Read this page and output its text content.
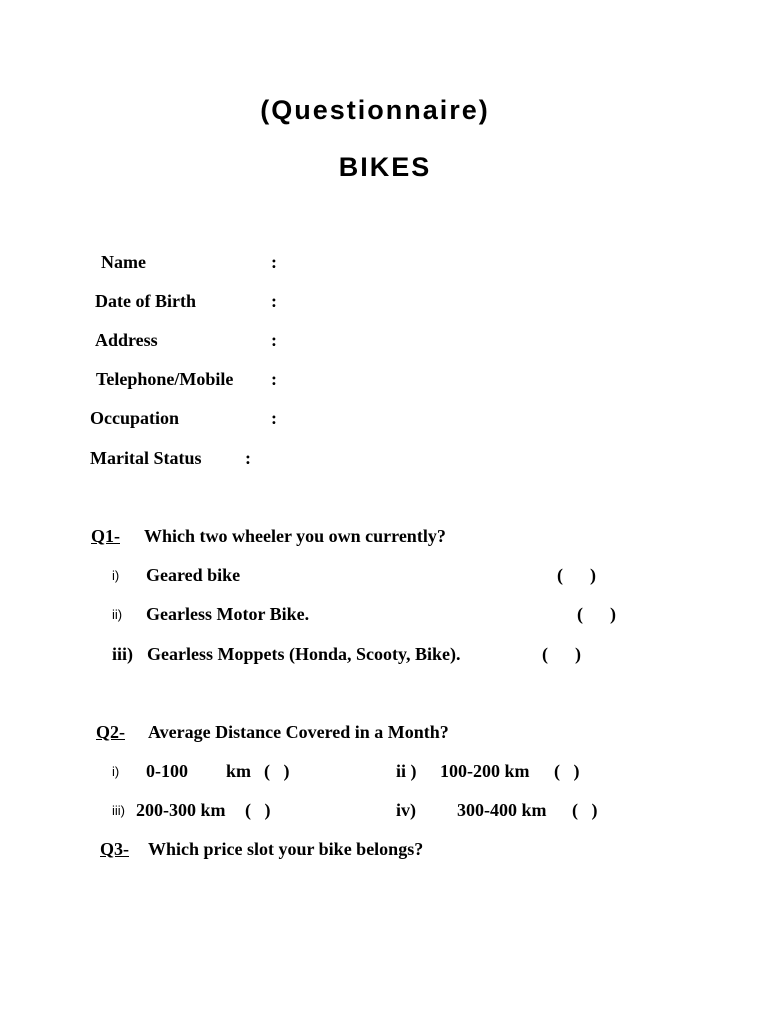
(Questionnaire)
BIKES
Name	:
Date of Birth	:
Address	:
Telephone/Mobile :
Occupation	:
Marital Status :
Q1- Which two wheeler you own currently?
i) Geared bike	(      )
ii) Gearless Motor Bike.	(      )
iii) Gearless Moppets (Honda, Scooty, Bike).	(      )
Q2- Average Distance Covered in a Month?
i) 0-100 km (   )	ii ) 100-200 km (   )
iii) 200-300 km (   )	iv) 300-400 km (   )
Q3- Which price slot your bike belongs?
